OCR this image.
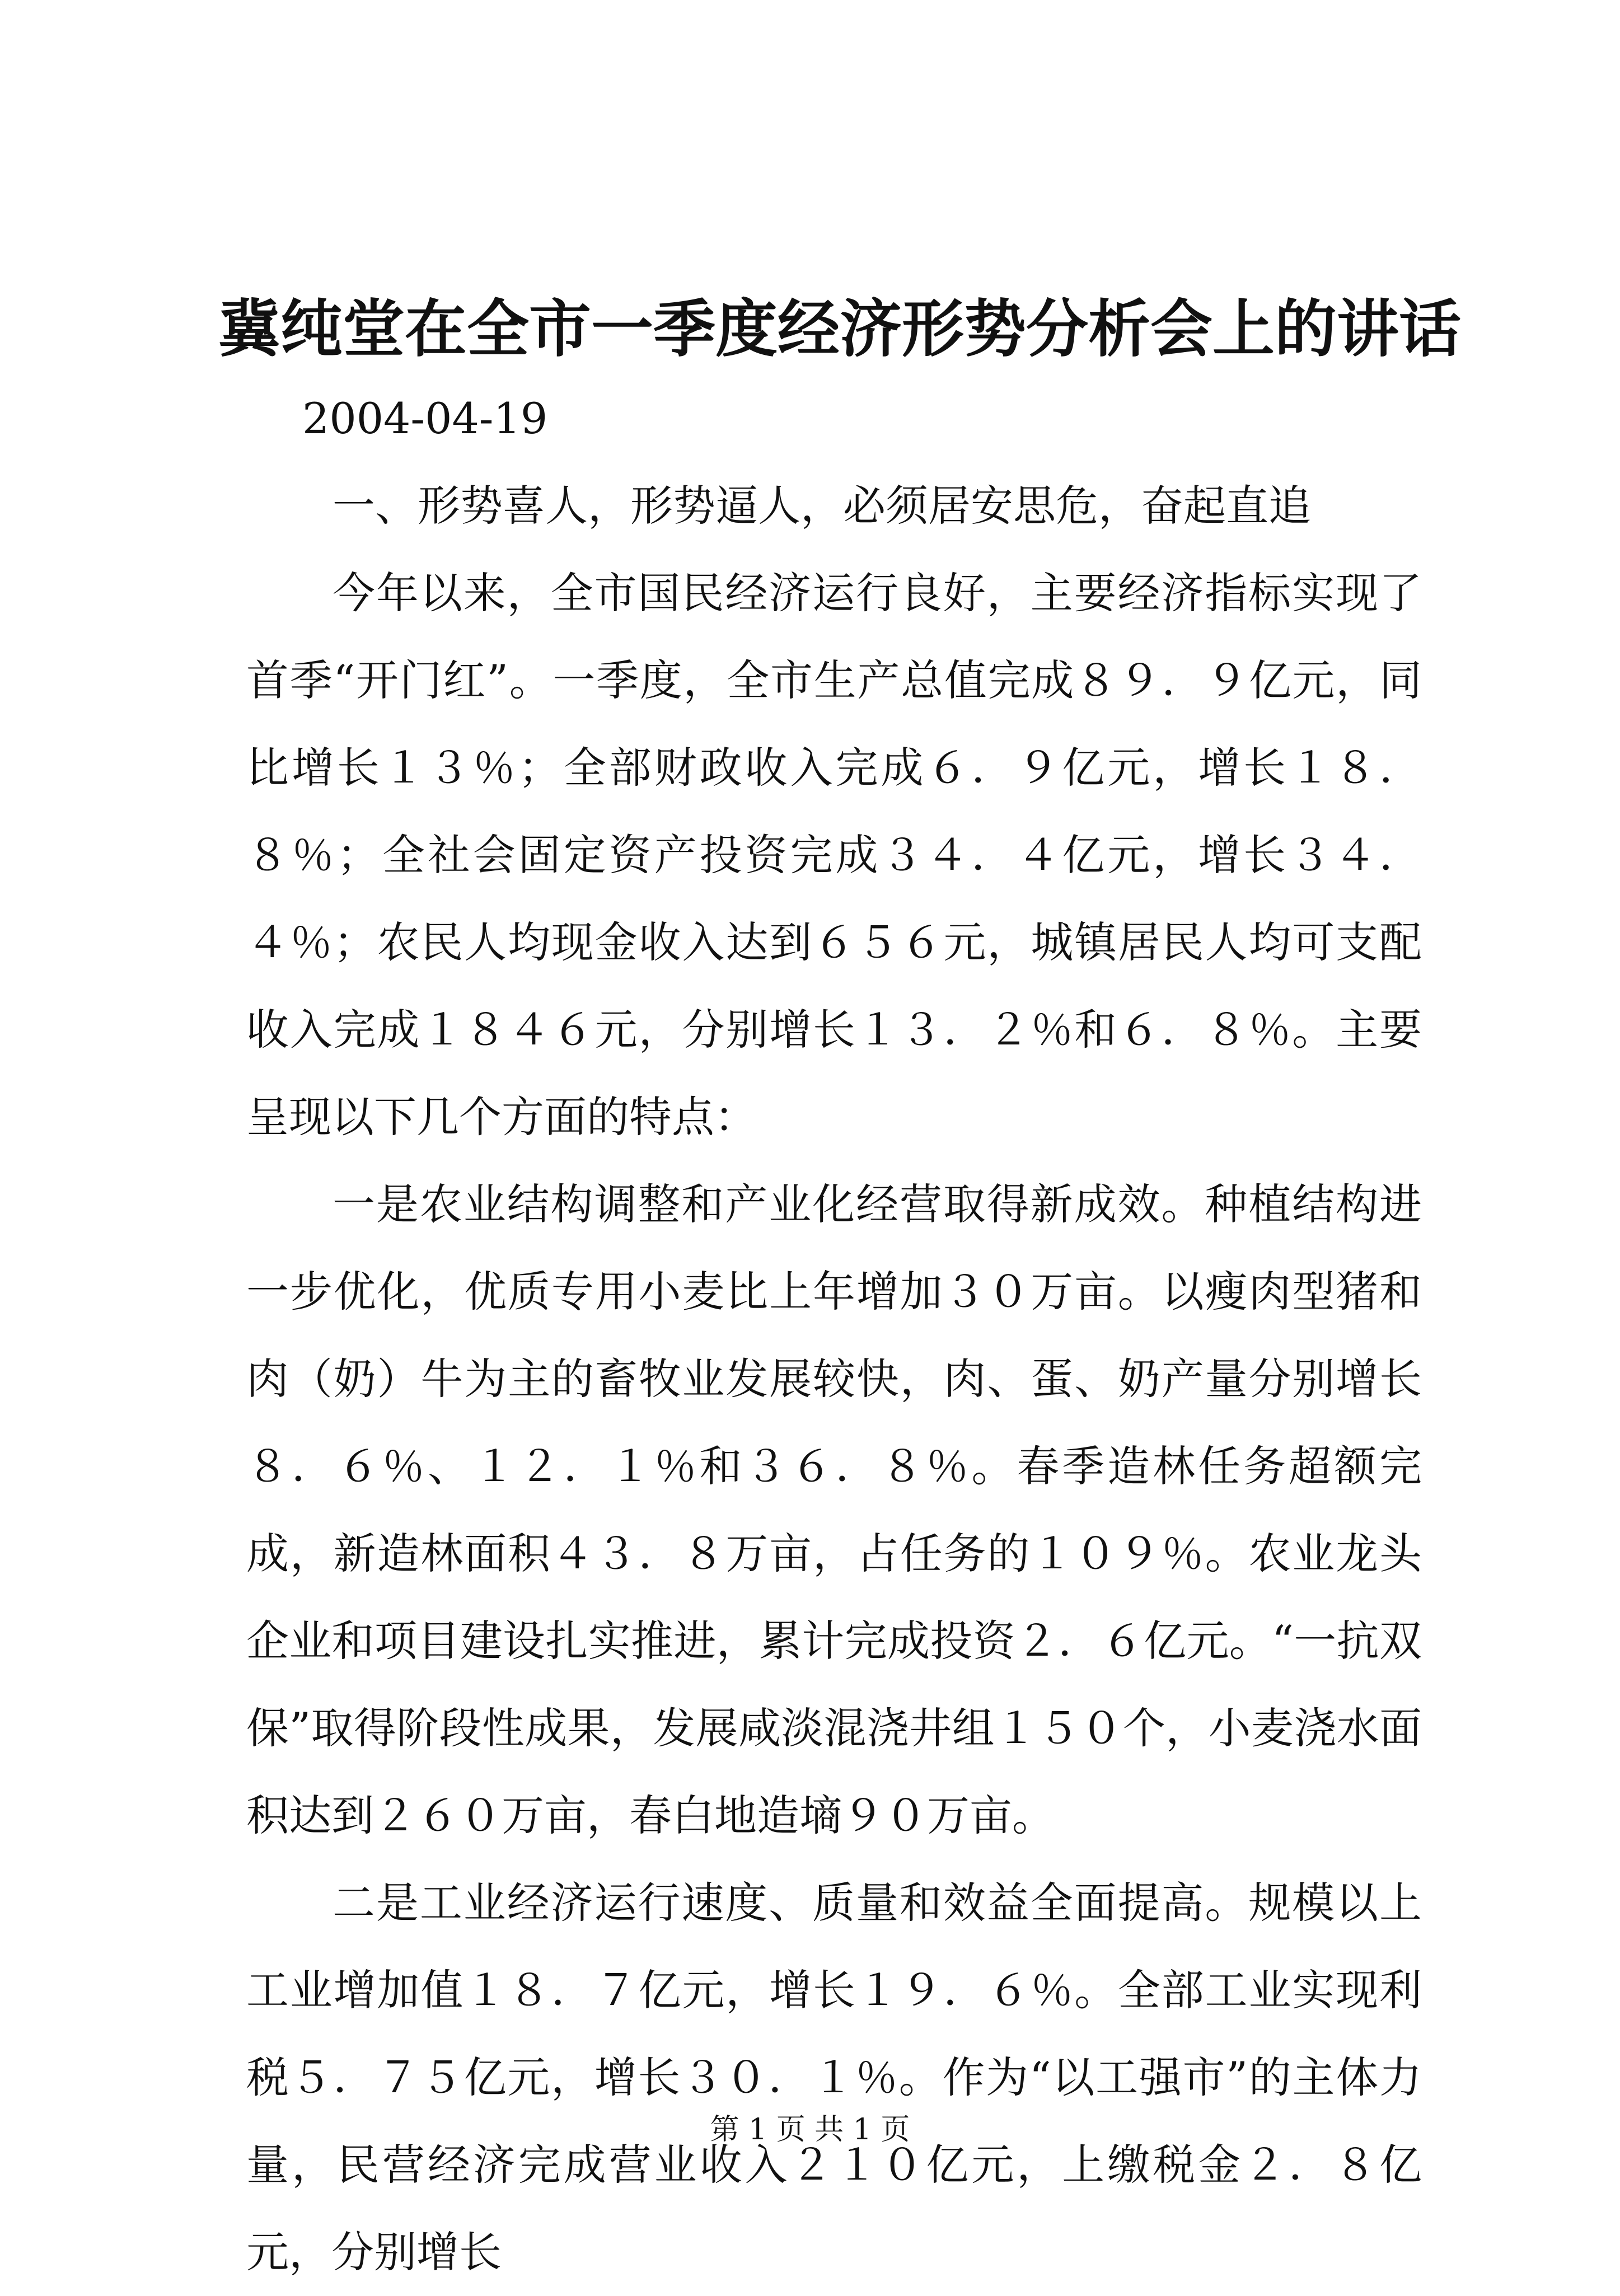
冀纯堂在全市一季度经济形势分析会上的讲话

2004-04-19

一、形势喜人，形势逼人，必须居安思危，奋起直追

今年以来，全市国民经济运行良好，主要经济指标实现了首季“开门红”。一季度，全市生产总值完成８９．９亿元，同比增长１３％；全部财政收入完成６．９亿元，增长１８．８％；全社会固定资产投资完成３４．４亿元，增长３４．４％；农民人均现金收入达到６５６元，城镇居民人均可支配收入完成１８４６元，分别增长１３．２％和６．８％。主要呈现以下几个方面的特点：

一是农业结构调整和产业化经营取得新成效。种植结构进一步优化，优质专用小麦比上年增加３０万亩。以瘦肉型猪和肉（奶）牛为主的畜牧业发展较快，肉、蛋、奶产量分别增长８．６％、１２．１％和３６．８％。春季造林任务超额完成，新造林面积４３．８万亩，占任务的１０９％。农业龙头企业和项目建设扎实推进，累计完成投资２．６亿元。“一抗双保”取得阶段性成果，发展咸淡混浇井组１５０个，小麦浇水面积达到２６０万亩，春白地造墒９０万亩。

二是工业经济运行速度、质量和效益全面提高。规模以上工业增加值１８．７亿元，增长１９．６％。全部工业实现利税５．７５亿元，增长３０．１％。作为“以工强市”的主体力量，民营经济完成营业收入２１０亿元，上缴税金２．８亿元，分别增长

第 1 页 共 1 页
